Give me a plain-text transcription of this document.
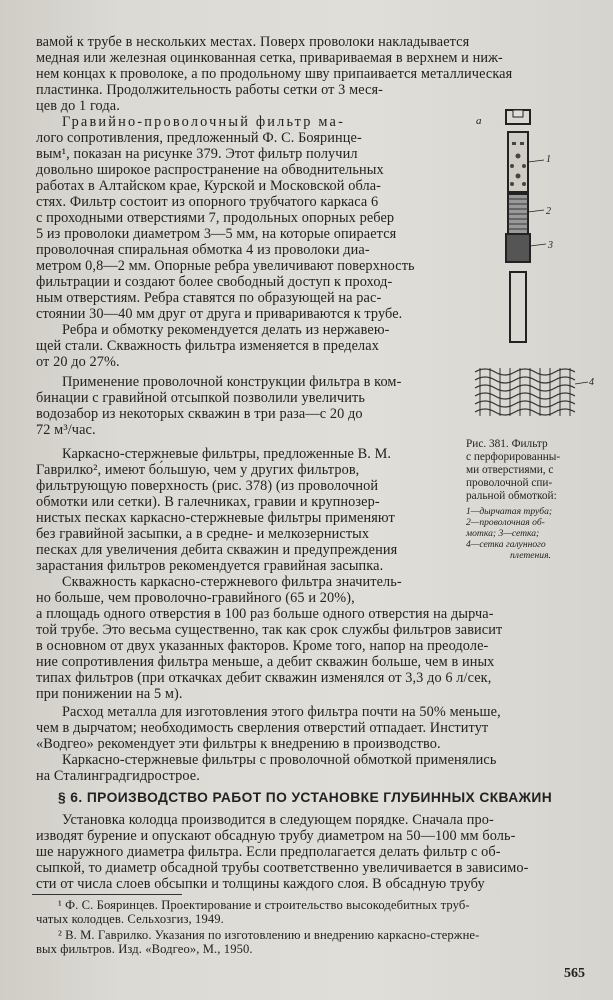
вамой к трубе в нескольких местах. Поверх проволоки накладывается
медная или железная оцинкованная сетка, привариваемая в верхнем и ниж-
нем концах к проволоке, а по продольному шву припаивается металлическая
пластинка. Продолжительность работы сетки от 3 меся-
цев до 1 года.
Гравийно-проволочный фильтр ма-
лого сопротивления, предложенный Ф. С. Бояринце-
вым¹, показан на рисунке 379. Этот фильтр получил
довольно широкое распространение на обводнительных
работах в Алтайском крае, Курской и Московской обла-
стях. Фильтр состоит из опорного трубчатого каркаса 6
с проходными отверстиями 7, продольных опорных ребер
5 из проволоки диаметром 3—5 мм, на которые опирается
проволочная спиральная обмотка 4 из проволоки диа-
метром 0,8—2 мм. Опорные ребра увеличивают поверхность
фильтрации и создают более свободный доступ к проход-
ным отверстиям. Ребра ставятся по образующей на рас-
стоянии 30—40 мм друг от друга и привариваются к трубе.
Ребра и обмотку рекомендуется делать из нержавею-
щей стали. Скважность фильтра изменяется в пределах
от 20 до 27%.
Применение проволочной конструкции фильтра в ком-
бинации с гравийной отсыпкой позволили увеличить
водозабор из некоторых скважин в три раза—с 20 до
72 м³/час.
Каркасно-стержневые фильтры, предложенные В. М.
Гаврилко², имеют бо́льшую, чем у других фильтров,
фильтрующую поверхность (рис. 378) (из проволочной
обмотки или сетки). В галечниках, гравии и крупнозер-
нистых песках каркасно-стержневые фильтры применяют
без гравийной засыпки, а в средне- и мелкозернистых
песках для увеличения дебита скважин и предупреждения
зарастания фильтров рекомендуется гравийная засыпка.
Скважность каркасно-стержневого фильтра значитель-
но больше, чем проволочно-гравийного (65 и 20%),
а площадь одного отверстия в 100 раз больше одного отверстия на дырча-
той трубе. Это весьма существенно, так как срок службы фильтров зависит
в основном от двух указанных факторов. Кроме того, напор на преодоле-
ние сопротивления фильтра меньше, а дебит скважин больше, чем в иных
типах фильтров (при откачках дебит скважин изменялся от 3,3 до 6 л/сек,
при понижении на 5 м).
Расход металла для изготовления этого фильтра почти на 50% меньше,
чем в дырчатом; необходимость сверления отверстий отпадает. Институт
«Водгео» рекомендует эти фильтры к внедрению в производство.
Каркасно-стержневые фильтры с проволочной обмоткой применялись
на Сталинградгидрострое.
§ 6. ПРОИЗВОДСТВО РАБОТ ПО УСТАНОВКЕ ГЛУБИННЫХ СКВАЖИН
Установка колодца производится в следующем порядке. Сначала про-
изводят бурение и опускают обсадную трубу диаметром на 50—100 мм боль-
ше наружного диаметра фильтра. Если предполагается делать фильтр с об-
сыпкой, то диаметр обсадной трубы соответственно увеличивается в зависимо-
сти от числа слоев обсыпки и толщины каждого слоя. В обсадную трубу
¹ Ф. С. Бояринцев. Проектирование и строительство высокодебитных труб-
чатых колодцев. Сельхозгиз, 1949.
² В. М. Гаврилко. Указания по изготовлению и внедрению каркасно-стержне-
вых фильтров. Изд. «Водгео», М., 1950.
565
а
1
2
3
4
Рис. 381. Фильтр
с перфорированны-
ми отверстиями, с
проволочной спи-
ральной обмоткой:
1—дырчатая труба;
2—проволочная об-
мотка; 3—сетка;
4—сетка галунного
плетения.
